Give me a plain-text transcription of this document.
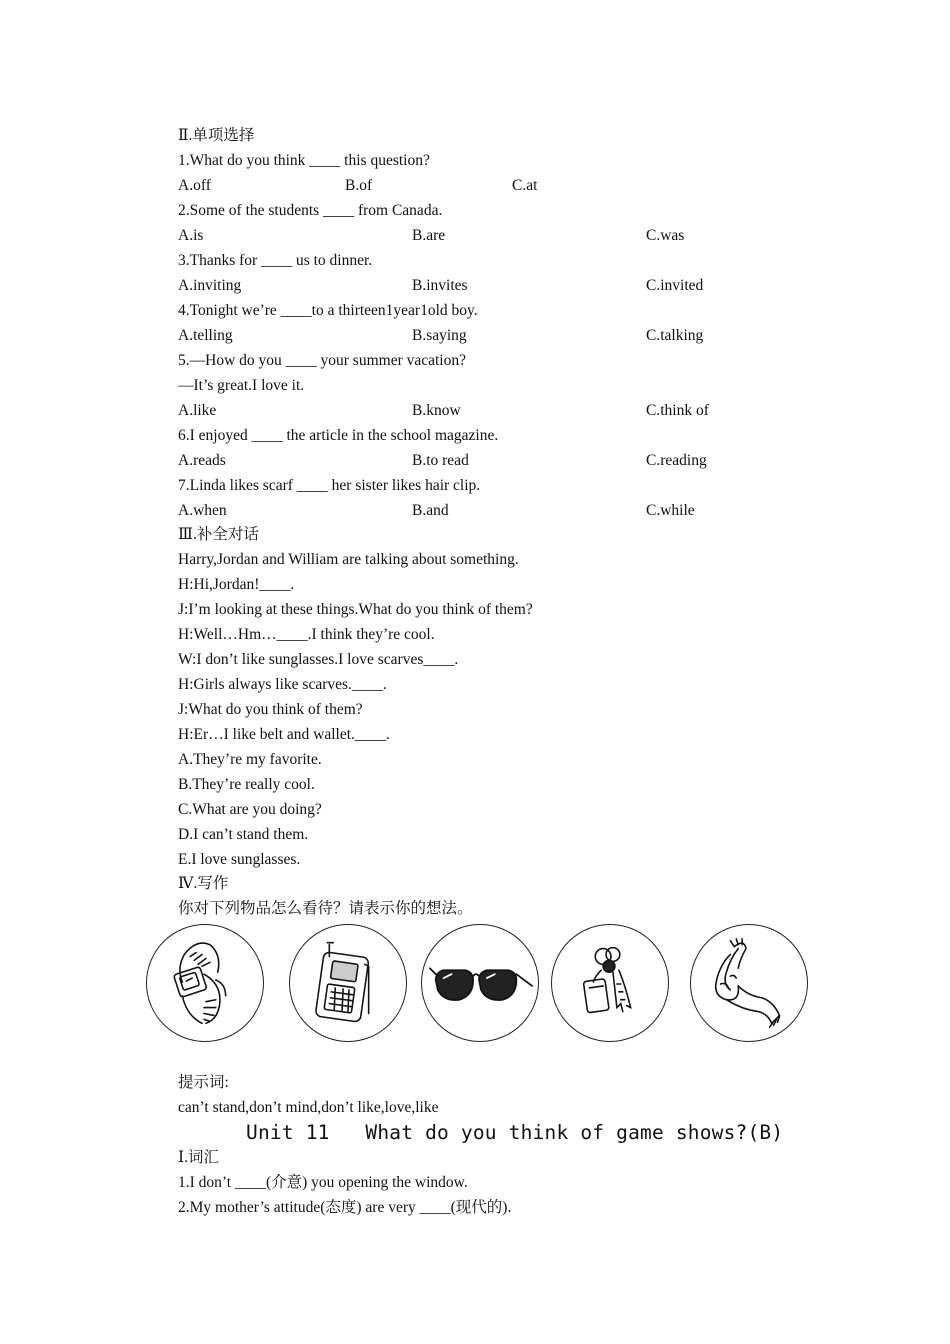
Ⅱ.单项选择
1.What do you think ____ this question?
A.off	B.of	C.at
2.Some of the students ____ from Canada.
A.is	B.are	C.was
3.Thanks for ____ us to dinner.
A.inviting	B.invites	C.invited
4.Tonight we’re ____to a thirteen1year1old boy.
A.telling	B.saying	C.talking
5.—How do you ____ your summer vacation?
—It’s great.I love it.
A.like	B.know	C.think of
6.I enjoyed ____ the article in the school magazine.
A.reads	B.to read	C.reading
7.Linda likes scarf ____ her sister likes hair clip.
A.when	B.and	C.while
Ⅲ.补全对话
Harry,Jordan and William are talking about something.
H:Hi,Jordan!____.
J:I’m looking at these things.What do you think of them?
H:Well…Hm…____.I think they’re cool.
W:I don’t like sunglasses.I love scarves____.
H:Girls always like scarves.____.
J:What do you think of them?
H:Er…I like belt and wallet.____.
A.They’re my favorite.
B.They’re really cool.
C.What are you doing?
D.I can’t stand them.
E.I love sunglasses.
Ⅳ.写作
你对下列物品怎么看待？请表示你的想法。
提示词:
can’t stand,don’t mind,don’t like,love,like
Unit 11   What do you think of game shows?(B)
Ⅰ.词汇
1.I don’t ____(介意) you opening the window.
2.My mother’s attitude(态度) are very ____(现代的).
